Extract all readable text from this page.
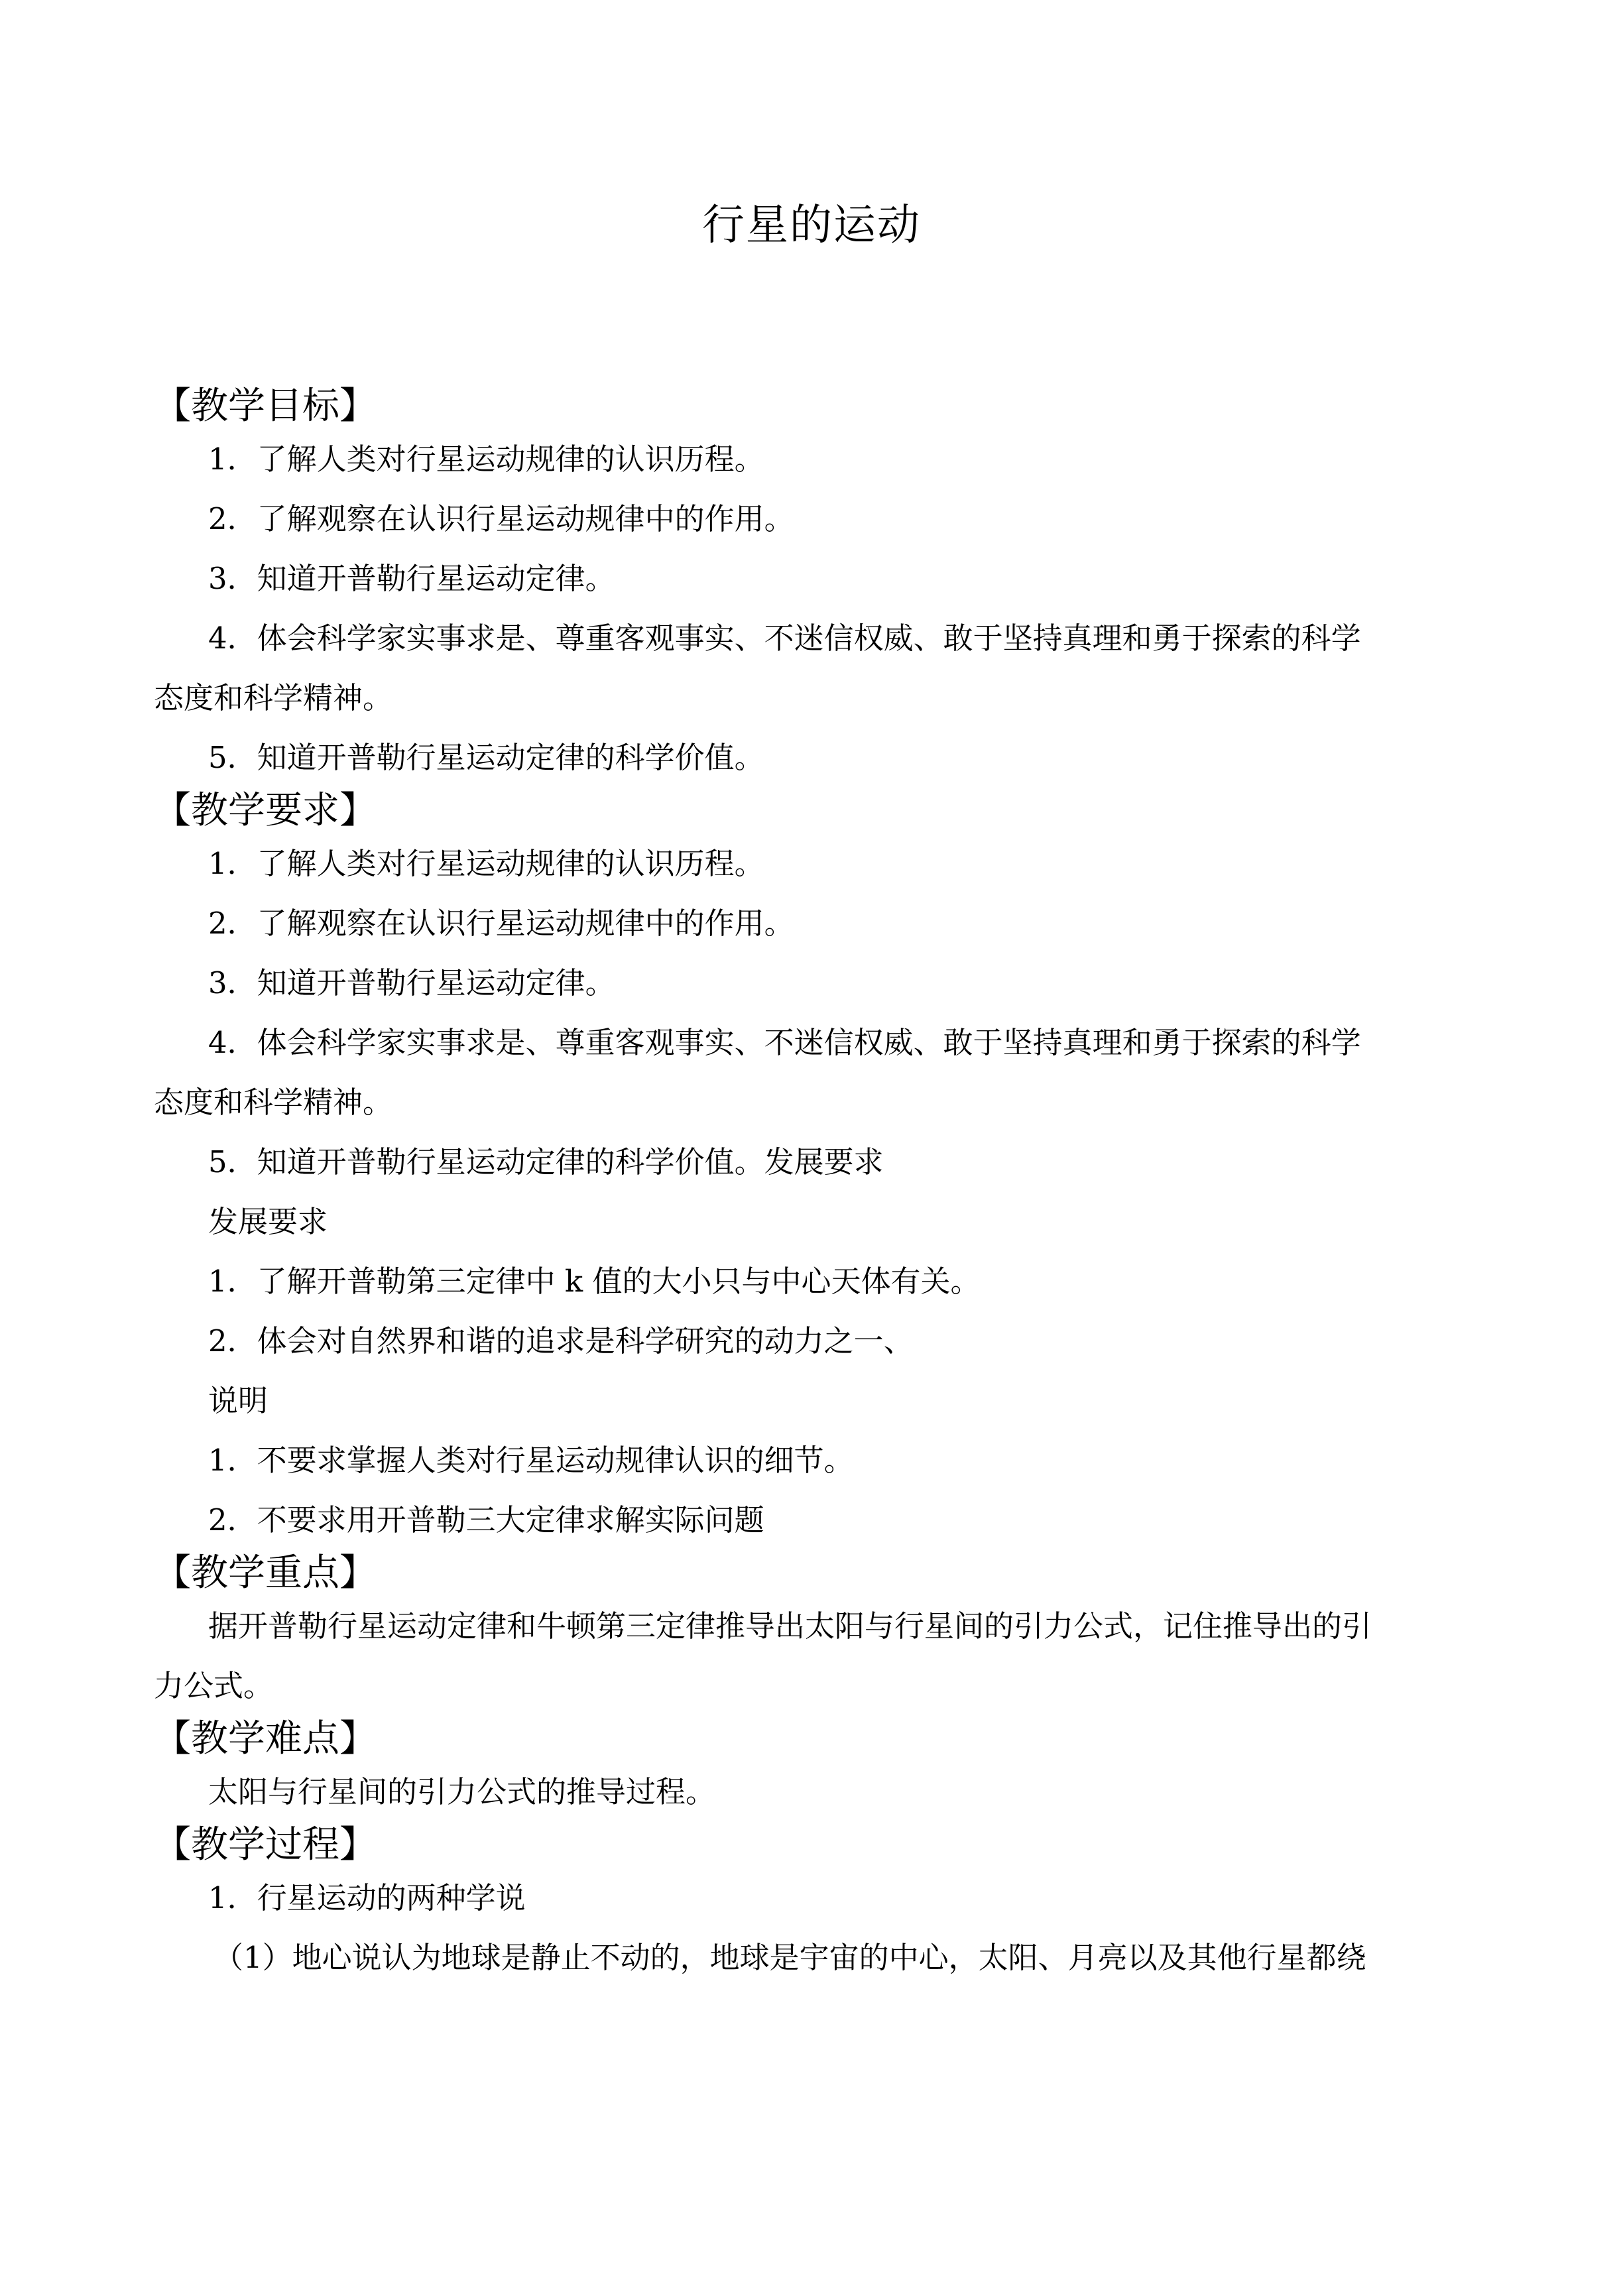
行星的运动
【教学目标】
1．了解人类对行星运动规律的认识历程。
2．了解观察在认识行星运动规律中的作用。
3．知道开普勒行星运动定律。
4．体会科学家实事求是、尊重客观事实、不迷信权威、敢于坚持真理和勇于探索的科学
态度和科学精神。
5．知道开普勒行星运动定律的科学价值。
【教学要求】
1．了解人类对行星运动规律的认识历程。
2．了解观察在认识行星运动规律中的作用。
3．知道开普勒行星运动定律。
4．体会科学家实事求是、尊重客观事实、不迷信权威、敢于坚持真理和勇于探索的科学
态度和科学精神。
5．知道开普勒行星运动定律的科学价值。发展要求
发展要求
1．了解开普勒第三定律中 k 值的大小只与中心天体有关。
2．体会对自然界和谐的追求是科学研究的动力之一、
说明
1．不要求掌握人类对行星运动规律认识的细节。
2．不要求用开普勒三大定律求解实际问题
【教学重点】
据开普勒行星运动定律和牛顿第三定律推导出太阳与行星间的引力公式，记住推导出的引
力公式。
【教学难点】
太阳与行星间的引力公式的推导过程。
【教学过程】
1．行星运动的两种学说
（1）地心说认为地球是静止不动的，地球是宇宙的中心，太阳、月亮以及其他行星都绕
